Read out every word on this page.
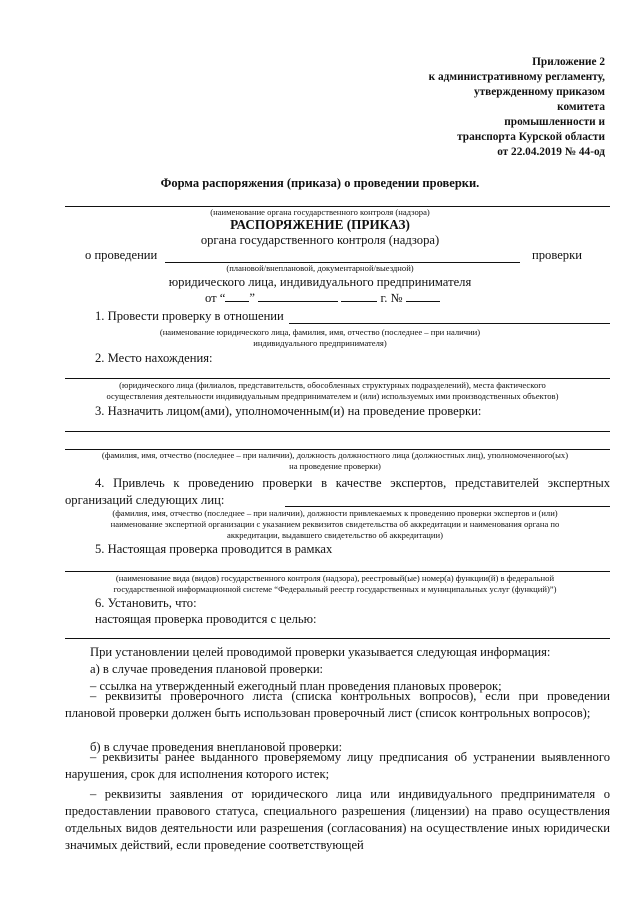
Приложение 2
к административному регламенту,
утвержденному приказом
комитета
промышленности и
транспорта Курской области
от 22.04.2019 № 44-од
Форма распоряжения (приказа) о проведении проверки.
(наименование органа государственного контроля (надзора)
РАСПОРЯЖЕНИЕ (ПРИКАЗ)
органа государственного контроля (надзора)
о проведении	проверки
(плановой/внеплановой, документарной/выездной)
юридического лица, индивидуального предпринимателя
от “ ”	г. №
1. Провести проверку в отношении
(наименование юридического лица, фамилия, имя, отчество (последнее – при наличии)
индивидуального предпринимателя)
2. Место нахождения:
(юридического лица (филиалов, представительств, обособленных структурных подразделений), места фактического
осуществления деятельности индивидуальным предпринимателем и (или) используемых ими производственных объектов)
3. Назначить лицом(ами), уполномоченным(и) на проведение проверки:
(фамилия, имя, отчество (последнее – при наличии), должность должностного лица (должностных лиц), уполномоченного(ых)
на проведение проверки)
4. Привлечь к проведению проверки в качестве экспертов, представителей экспертных организаций следующих лиц:
(фамилия, имя, отчество (последнее – при наличии), должности привлекаемых к проведению проверки экспертов и (или)
наименование экспертной организации с указанием реквизитов свидетельства об аккредитации и наименования органа по
аккредитации, выдавшего свидетельство об аккредитации)
5. Настоящая проверка проводится в рамках
(наименование вида (видов) государственного контроля (надзора), реестровый(ые) номер(а) функции(й) в федеральной
государственной информационной системе “Федеральный реестр государственных и муниципальных услуг (функций)”)
6. Установить, что:
настоящая проверка проводится с целью:
При установлении целей проводимой проверки указывается следующая информация:
а) в случае проведения плановой проверки:
– ссылка на утвержденный ежегодный план проведения плановых проверок;
– реквизиты проверочного листа (списка контрольных вопросов), если при проведении плановой проверки должен быть использован проверочный лист (список контрольных вопросов);
б) в случае проведения внеплановой проверки:
– реквизиты ранее выданного проверяемому лицу предписания об устранении выявленного нарушения, срок для исполнения которого истек;
– реквизиты заявления от юридического лица или индивидуального предпринимателя о предоставлении правового статуса, специального разрешения (лицензии) на право осуществления отдельных видов деятельности или разрешения (согласования) на осуществление иных юридически значимых действий, если проведение соответствующей
